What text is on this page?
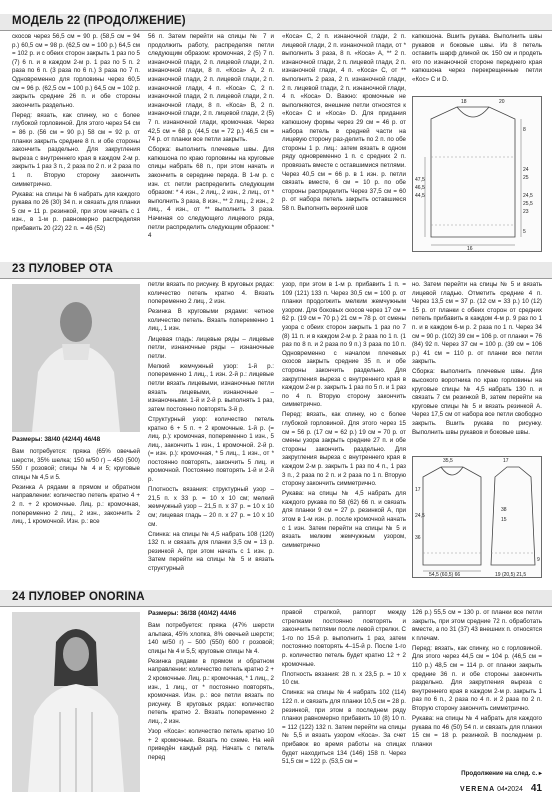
МОДЕЛЬ 22 (ПРОДОЛЖЕНИЕ)

скосов через 56,5 см = 90 р. (58,5 см = 94 р.) 60,5 см = 98 р. (62,5 см = 100 р.) 64,5 см = 102 р. и с обеих сторон закрыть 1 раз по 5 (7) 6 п. и в каждом 2-м р. 1 раз по 5 п. 2 раза по 6 п. (3 раза по 6 п.) 3 раза по 7 п. Одновременно для горловины через 60,5 см = 96 р. (62,5 см = 100 р.) 64,5 см = 102 р. закрыть средние 26 п. и обе стороны закончить раздельно.

Перед: вязать, как спинку, но с более глубокой горловиной. Для этого через 54 см = 86 р. (56 см = 90 р.) 58 см = 92 р. от планки закрыть средние 8 п. и обе стороны закончить раздельно. Для закругления выреза с внутреннего края в каждом 2-м р. закрыть 1 раз 3 п., 2 раза по 2 п. и 2 раза по 1 п. Вторую сторону закончить симметрично.

Рукава: на спицы № 6 набрать для каждого рукава по 26 (30) 34 п. и связать для планки 5 см = 11 р. резинкой, при этом начать с 1 изн., в 1-м р. равномерно распределяя прибавить 20 (22) 22 п. = 46 (52)

56 п. Затем перейти на спицы № 7 и продолжить работу, распределяя петли следующим образом: кромочная, 2 (5) 7 п. изнаночной глади, 2 п. лицевой глади, 2 п. изнаночной глади, 8 п. «Коса» A, 2 п. изнаночной глади, 2 п. лицевой глади, 2 п. изнаночной глади, 4 п. «Коса» С, 2 п. изнаночной глади, 2 п. лицевой глади, 2 п. изнаночной глади, 8 п. «Коса» B, 2 п. изнаночной глади, 2 п. лицевой глади, 2 (5) 7 п. изнаночной глади, кромочная. Через 42,5 см = 68 р. (44,5 см = 72 р.) 46,5 см = 74 р. от планки все петли закрыть.

Сборка: выполнить плечевые швы. Для капюшона по краю горловины на круговые спицы набрать 68 п., при этом начать и закончить в середине переда. В 1-м р. с изн. ст. петли распределить следующим образом: * 4 изн., 2 лиц., 2 изн., 2 лиц., от * выполнить 3 раза, 8 изн., ** 2 лиц., 2 изн., 2 лиц., 4 изн., от ** выполнить 3 раза. Начиная со следующего лицевого ряда, петли распределить следующим образом: * 4

«Коса» С, 2 п. изнаночной глади, 2 п. лицевой глади, 2 п. изнаночной глади, от * выполнить 3 раза, 8 п. «Коса» A, ** 2 п. изнаночной глади, 2 п. лицевой глади, 2 п. изнаночной глади, 4 п. «Коса» С, от ** выполнить 2 раза, 2 п. изнаночной глади, 2 п. лицевой глади, 2 п. изнаночной глади, 4 п. «Коса» D. Важно: кромочные не выполняются, внешние петли относятся к «Коса» С и «Коса» D. Для придания капюшону формы через 29 см = 46 р. от набора петель в средней части на лицевую сторону раз-делить по 2 п. по обе стороны 1 р. лиц.: затем вязать в одном ряду одновременно 1 п. с средних 2 п. провязать вместе с оставшимися петлями. Через 40,5 см = 66 р. в 1 изн. р. петли связать вместе, 6 см = 10 р. по обе стороны распределить Через 37,5 см = 60 р. от набора петель закрыть оставшиеся 58 п. Выполнить верхний шов

капюшона. Вшить рукава. Выполнить швы рукавов и боковые швы. Из 8 петель оставить шарф длиной ок. 150 см и продеть его по изнаночной стороне переднего края капюшона через перекрещенные петли «Кос» С и D.

47,5
46,5
44,5
18	20
8
24
25
24,5
25,5
23
5
16
23 ПУЛОВЕР ОТА
Размеры: 38/40 (42/44) 46/48

Вам потребуется: пряжа (65% овечьей шерсти, 35% шелка; 150 м/50 г) – 450 (500) 550 г розовой; спицы № 4 и 5; круговые спицы № 4,5 и 5.

Резинка А рядами в прямом и обратном направлении: количество петель кратно 4 + 2 п. + 2 кромочные. Лиц. р.: кромочная, попеременно 2 лиц., 2 изн., закончить 2 лиц., 1 кромочной. Изн. р.: все

петли вязать по рисунку. В круговых рядах: количество петель кратно 4. Вязать попеременно 2 лиц., 2 изн.

Резинка В круговыми рядами: четное количество петель. Вязать попеременно 1 лиц., 1 изн.

Лицевая гладь: лицевые ряды – лицевые петли, изнаночные ряды – изнаночные петли.

Мелкий жемчужный узор: 1-й р.: попеременно 1 лиц., 1 изн. 2-й р.: лицевые петли вязать лицевыми, изнаночные петли вязать лицевыми, изнаночные – изнаночными. 1-й и 2-й р. выполнять 1 раз, затем постоянно повторять 3-й р.

Структурный узор: количество петель кратно 6 + 5 п. + 2 кромочные. 1-й р. (= лиц. р.): кромочная, попеременно 1 изн., 5 лиц., закончить 1 изн., 1 кромочной. 2-й р. (= изн. р.): кромочная, * 5 лиц., 1 изн., от * постоянно повторять, закончить 5 лиц. и кромочной. Постоянно повторять 1-й и 2-й р.

Плотность вязания: структурный узор – 21,5 п. x 33 р. = 10 x 10 см; мелкий жемчужный узор – 21,5 п. x 37 р. = 10 x 10 см; лицевая гладь – 20 п. x 27 р. = 10 x 10 см.

Спинка: на спицы № 4,5 набрать 108 (120) 132 п. и связать для планки 3,5 см = 13 р. резинкой А, при этом начать с 1 изн. р. Затем перейти на спицы № 5 и вязать структурный

узор, при этом в 1-м р. прибавить 1 п. = 109 (121) 133 п. Через 30,5 см = 100 р. от планки продолжить мелким жемчужным узором. Для боковых скосов через 17 см = 62 р. (19 см = 70 р.) 21 см = 78 р. от смены узора с обеих сторон закрыть 1 раз по 7 (8) 11 п. и в каждом 2-м р. 2 раза по 1 п. (1 раз по 8 п. и 2 раза по 9 п.) 3 раза по 10 п. Одновременно с началом плечевых скосов закрыть средние 35 п. и обе стороны закончить раздельно. Для закругления выреза с внутреннего края в каждом 2-м р. закрыть 1 раз по 5 п. и 1 раз по 4 п. Вторую сторону закончить симметрично.

Перед: вязать, как спинку, но с более глубокой горловиной. Для этого через 15 см = 56 р. (17 см = 62 р.) 19 см = 70 р. от смены узора закрыть средние 27 п. и обе стороны закончить раздельно. Для закругления выреза с внутреннего края в каждом 2-м р. закрыть 1 раз по 4 п., 1 раз 3 п., 2 раза по 2 п. и 2 раза по 1 п. Вторую сторону закончить симметрично.

Рукава: на спицы № 4,5 набрать для каждого рукава по 58 (62) 66 п. и связать для планки 9 см = 27 р. резинкой А, при этом в 1-м изн. р. после кромочной начать с 1 изн. Затем перейти на спицы № 5 и вязать мелким жемчужным узором, симметрично

но. Затем перейти на спицы № 5 и вязать лицевой гладью. Отметить средние 4 п. Через 13,5 см = 37 р. (12 см = 33 р.) 10 (12) 15 р. от планки с обеих сторон от средних петель прибавить в каждом 4-м р. 9 раз по 1 п. и в каждом 6-м р. 2 раза по 1 п. Через 34 см = 90 р. (102) 39 см = 106 р. от планки = 76 (84) 92 п. Через 37 см = 100 р. (39 см = 106 р.) 41 см = 110 р. от планки все петли закрыть.

Сборка: выполнить плечевые швы. Для высокого воротника по краю горловины на круговые спицы № 4,5 набрать 130 п. и связать 7 см резинкой В, затем перейти на круговые спицы № 5 и вязать резинкой А. Через 17,5 см от набора все петли свободно закрыть. Вшить рукава по рисунку. Выполнить швы рукавов и боковые швы.

35,5
17
24,5
36
17
54,5 (60,5) 66
38
15
9
19 (20,5) 21,5
24 ПУЛОВЕР ONORINA
Размеры: 36/38 (40/42) 44/46

Вам потребуется: пряжа (47% шерсти альпака, 45% хлопка, 8% овечьей шерсти; 140 м/50 г) – 500 (550) 600 г розовой; спицы № 4 и 5,5; круговые спицы № 4.

Резинка рядами в прямом и обратном направлении: количество петель кратно 2 + 2 кромочные. Лиц. р.: кромочная, * 1 лиц., 2 изн., 1 лиц., от * постоянно повторять, кромочная. Изн. р.: все петли вязать по рисунку. В круговых рядах: количество петель кратно 2. Вязать попеременно 2 лиц., 2 изн.

Узор «Коса»: количество петель кратно 10 + 2 кромочные. Вязать по схеме. На ней приведён каждый ряд. Начать с петель перед

правой стрелкой, раппорт между стрелками постоянно повторять и закончить петлями после левой стрелки. С 1-го по 15-й р. выполнить 1 раз, затем постоянно повторять 4–15-й р. После 1-го р. количество петель будет кратно 12 + 2 кромочные.

Плотность вязания: 28 п. x 23,5 р. = 10 x 10 см.

Спинка: на спицы № 4 набрать 102 (114) 122 п. и связать для планки 10,5 см = 28 р. резинкой, при этом в последнем ряду планки равномерно прибавить 10 (8) 10 п. = 112 (122) 132 п. Затем перейти на спицы № 5,5 и вязать узором «Коса». За счет прибавок во время работы на спицах будет находиться 134 (146) 158 п. Через 51,5 см = 122 р. (53,5 см =

126 р.) 55,5 см = 130 р. от планки все петли закрыть, при этом средние 72 п. обработать вместе, а по 31 (37) 43 внешних п. относятся к плечам.

Перед: вязать, как спинку, но с горловиной. Для этого через 44,5 см = 104 р. (46,5 см = 110 р.) 48,5 см = 114 р. от планки закрыть средние 36 п. и обе стороны закончить раздельно. Для закругления выреза с внутреннего края в каждом 2-м р. закрыть 1 раз по 6 п., 2 раза по 4 п. и 2 раза по 2 п. Вторую сторону закончить симметрично.

Рукава: на спицы № 4 набрать для каждого рукава по 46 (50) 54 п. и связать для планки 15 см = 18 р. резинкой. В последнем р. планки

Продолжение на след. с. ▸
VERENA 04•2024 41
